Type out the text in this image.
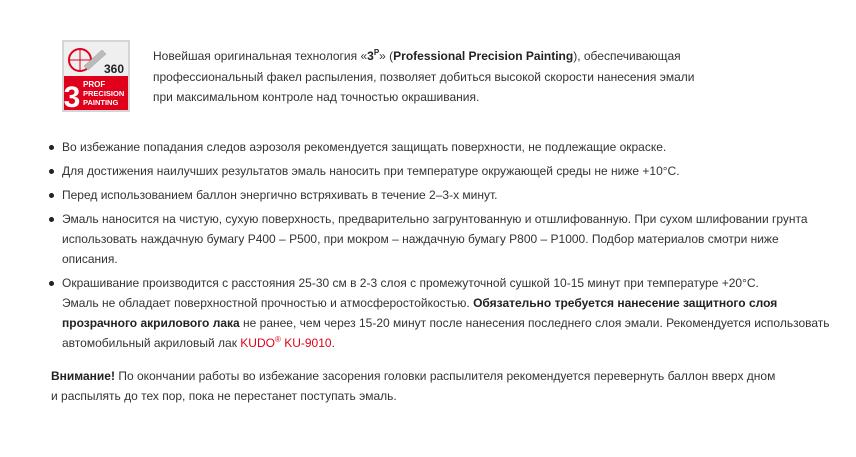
360
3 PROF
PRECISION
PAINTING
Новейшая оригинальная технология «$3^P$» (Professional Precision Painting), обеспечивающая
профессиональный факел распыления, позволяет добиться высокой скорости нанесения эмали
при максимальном контроле над точностью окрашивания.
Во избежание попадания следов аэрозоля рекомендуется защищать поверхности, не подлежащие окраске.
Для достижения наилучших результатов эмаль наносить при температуре окружающей среды не ниже +10°C.
Перед использованием баллон энергично встряхивать в течение 2–3-х минут.
Эмаль наносится на чистую, сухую поверхность, предварительно загрунтованную и отшлифованную. При сухом шлифовании грунта
использовать наждачную бумагу P400 – P500, при мокром – наждачную бумагу P800 – P1000. Подбор материалов смотри ниже
описания.
Окрашивание производится с расстояния 25-30 см в 2-3 слоя с промежуточной сушкой 10-15 минут при температуре +20°C.
Эмаль не обладает поверхностной прочностью и атмосферостойкостью. Обязательно требуется нанесение защитного слоя
прозрачного акрилового лака не ранее, чем через 15-20 минут после нанесения последнего слоя эмали. Рекомендуется использовать
автомобильный акриловый лак KUDO® KU-9010.
Внимание! По окончании работы во избежание засорения головки распылителя рекомендуется перевернуть баллон вверх дном
и распылять до тех пор, пока не перестанет поступать эмаль.
